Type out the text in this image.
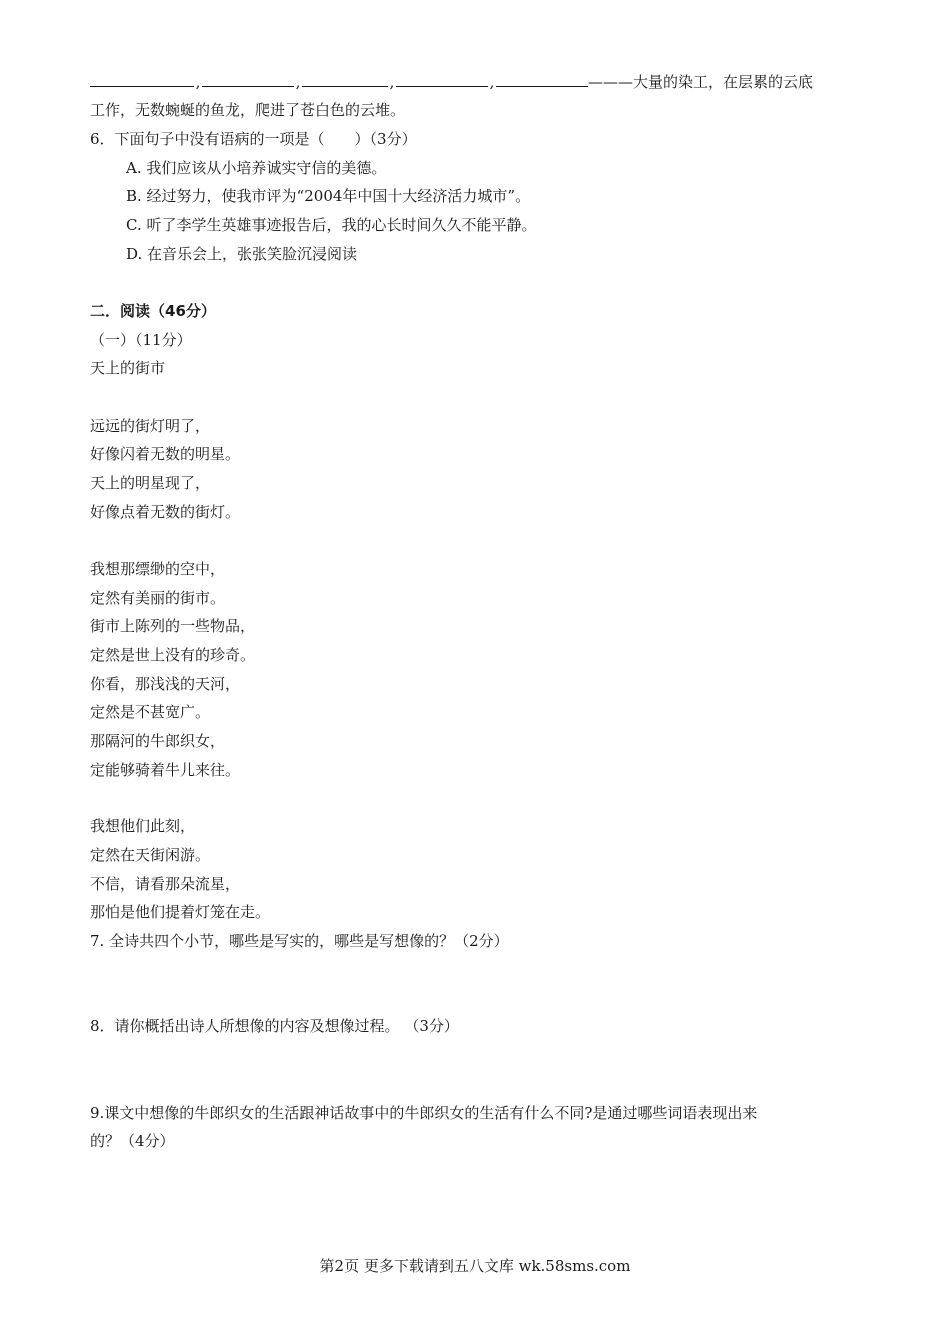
,	,	,	,	———大量的染工，在层累的云底
工作，无数蜿蜒的鱼龙，爬进了苍白色的云堆。
6．下面句子中没有语病的一项是（　　）（3分）
A. 我们应该从小培养诚实守信的美德。
B. 经过努力，使我市评为“2004年中国十大经济活力城市”。
C. 听了李学生英雄事迹报告后，我的心长时间久久不能平静。
D. 在音乐会上，张张笑脸沉浸阅读
二．阅读（46分）
（一）（11分）
天上的街市
远远的街灯明了，
好像闪着无数的明星。
天上的明星现了，
好像点着无数的街灯。
我想那缥缈的空中，
定然有美丽的街市。
街市上陈列的一些物品，
定然是世上没有的珍奇。
你看，那浅浅的天河，
定然是不甚宽广。
那隔河的牛郎织女，
定能够骑着牛儿来往。
我想他们此刻，
定然在天街闲游。
不信，请看那朵流星，
那怕是他们提着灯笼在走。
7. 全诗共四个小节，哪些是写实的，哪些是写想像的？（2分）
8．请你概括出诗人所想像的内容及想像过程。 （3分）
9.课文中想像的牛郎织女的生活跟神话故事中的牛郎织女的生活有什么不同?是通过哪些词语表现出来
的？（4分）
第2页 更多下载请到五八文库 wk.58sms.com
